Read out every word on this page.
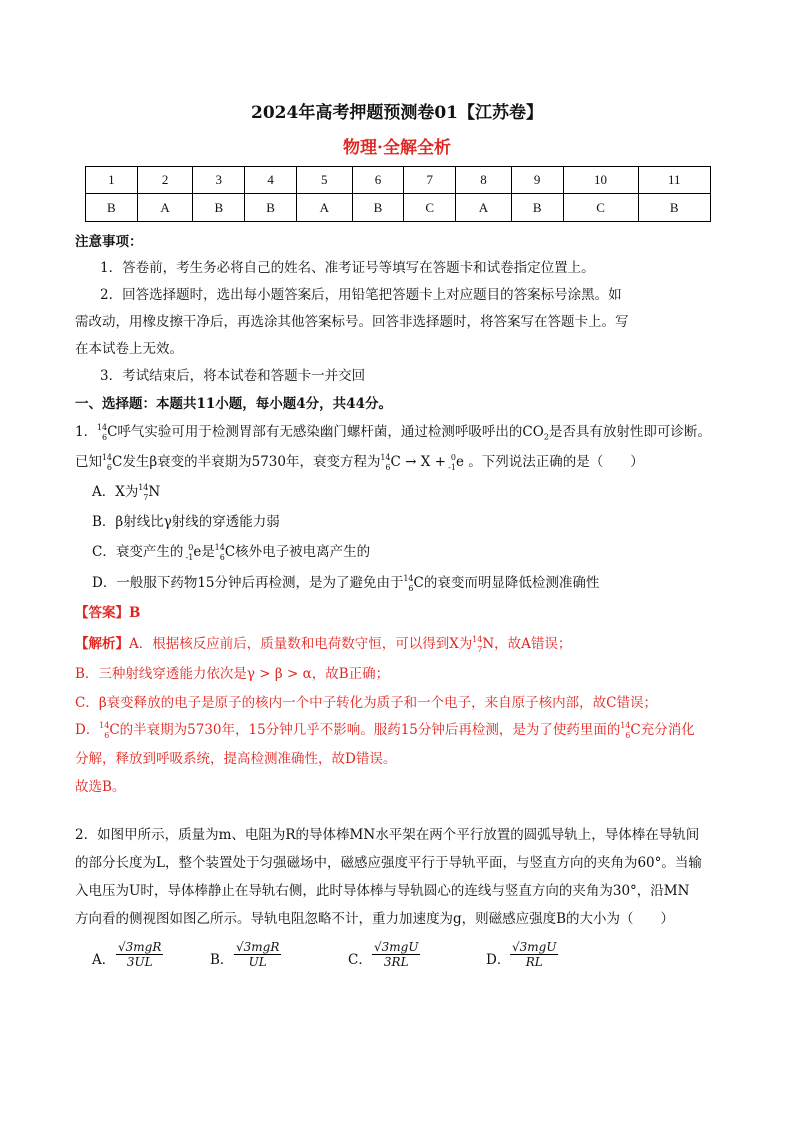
2024年高考押题预测卷01【江苏卷】
物理·全解全析
1	2	3	4	5	6	7	8	9	10	11
B	A	B	B	A	B	C	A	B	C	B
注意事项：
1．答卷前，考生务必将自己的姓名、准考证号等填写在答题卡和试卷指定位置上。
2．回答选择题时，选出每小题答案后，用铅笔把答题卡上对应题目的答案标号涂黑。如
需改动，用橡皮擦干净后，再选涂其他答案标号。回答非选择题时，将答案写在答题卡上。写
在本试卷上无效。
3．考试结束后，将本试卷和答题卡一并交回
一、选择题：本题共11小题，每小题4分，共44分。
1． 14
6 C呼气实验可用于检测胃部有无感染幽门螺杆菌，通过检测呼吸呼出的$CO_2$是否具有放射性即可诊断。
已知 14
6 C发生β衰变的半衰期为5730年，衰变方程为 14
6 C → X + 0
-1 e 。下列说法正确的是（　　）
A．X为 14
7 N
B．β射线比γ射线的穿透能力弱
C．衰变产生的 0
-1 e是 14
6 C核外电子被电离产生的
D．一般服下药物15分钟后再检测，是为了避免由于 14
6 C的衰变而明显降低检测准确性
【答案】B
【解析】A．根据核反应前后，质量数和电荷数守恒，可以得到X为 14
7 N，故A错误；
B．三种射线穿透能力依次是γ > β > α，故B正确；
C．β衰变释放的电子是原子的核内一个中子转化为质子和一个电子，来自原子核内部，故C错误；
D． 14
6 C的半衰期为5730年，15分钟几乎不影响。服药15分钟后再检测，是为了使药里面的 14
6 C充分消化
分解，释放到呼吸系统，提高检测准确性，故D错误。
故选B。
2．如图甲所示，质量为m、电阻为R的导体棒MN水平架在两个平行放置的圆弧导轨上，导体棒在导轨间
的部分长度为L，整个装置处于匀强磁场中，磁感应强度平行于导轨平面，与竖直方向的夹角为60°。当输
入电压为U时，导体棒静止在导轨右侧，此时导体棒与导轨圆心的连线与竖直方向的夹角为30°，沿MN
方向看的侧视图如图乙所示。导轨电阻忽略不计，重力加速度为g，则磁感应强度B的大小为（　　）
A．
√3mgR
3UL	B．
√3mgR
UL	C．
√3mgU
3RL	D．
√3mgU
RL
